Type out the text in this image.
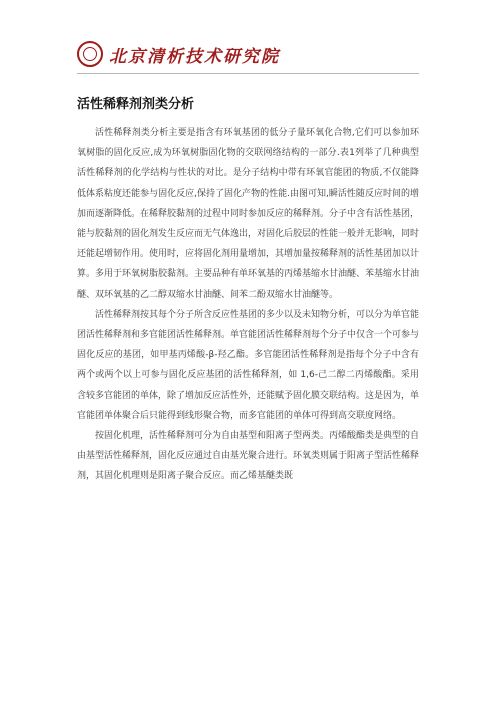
北京清析技术研究院
活性稀释剂剂类分析

活性稀释剂类分析主要是指含有环氧基团的低分子量环氧化合物,它们可以参加环氧树脂的固化反应,成为环氧树脂固化物的交联网络结构的一部分.表1列举了几种典型活性稀释剂的化学结构与性状的对比。是分子结构中带有环氧官能团的物质,不仅能降低体系粘度还能参与固化反应,保持了固化产物的性能.由图可知,瞬活性随反应时间的增加而逐渐降低。在稀释胶黏剂的过程中同时参加反应的稀释剂。分子中含有活性基团，能与胶黏剂的固化剂发生反应而无气体逸出，对固化后胶层的性能一般并无影响，同时还能起增韧作用。使用时，应将固化剂用量增加，其增加量按稀释剂的活性基团加以计算。多用于环氧树脂胶黏剂。主要品种有单环氧基的丙烯基缩水甘油醚、苯基缩水甘油醚、双环氧基的乙二醇双缩水甘油醚、间苯二酚双缩水甘油醚等。

活性稀释剂按其每个分子所含反应性基团的多少以及未知物分析，可以分为单官能团活性稀释剂和多官能团活性稀释剂。单官能团活性稀释剂每个分子中仅含一个可参与固化反应的基团，如甲基丙烯酸-β-羟乙酯。多官能团活性稀释剂是指每个分子中含有两个或两个以上可参与固化反应基团的活性稀释剂，如 1,6-己二醇二丙烯酸酯。采用含较多官能团的单体，除了增加反应活性外，还能赋予固化膜交联结构。这是因为，单官能团单体聚合后只能得到线形聚合物，而多官能团的单体可得到高交联度网络。

按固化机理，活性稀释剂可分为自由基型和阳离子型两类。丙烯酸酯类是典型的自由基型活性稀释剂，固化反应通过自由基光聚合进行。环氧类则属于阳离子型活性稀释剂，其固化机理则是阳离子聚合反应。而乙烯基醚类既
